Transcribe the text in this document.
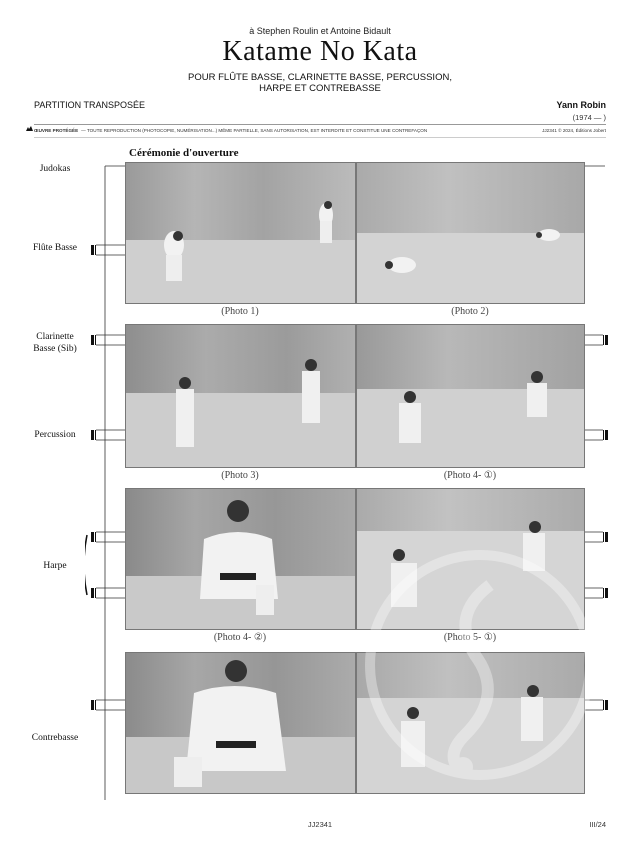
à Stephen Roulin et Antoine Bidault
Katame No Kata
POUR FLÛTE BASSE, CLARINETTE BASSE, PERCUSSION,
HARPE ET CONTREBASSE
PARTITION TRANSPOSÉE	Yann Robin
(1974 — )
ŒUVRE PROTÉGÉE — TOUTE REPRODUCTION (PHOTOCOPIE, NUMÉRISATION...) MÊME PARTIELLE, SANS AUTORISATION, EST INTERDITE ET CONSTITUE UNE CONTREFAÇON	JJ2341 © 2024, Éditions Jobert
Cérémonie d'ouverture
Judokas
Flûte Basse
Clarinette
Basse (Sib)
Percussion
Harpe
Contrebasse
(Photo 1)	(Photo 2)
(Photo 3)	(Photo 4- ①)
(Photo 4- ②)	(Photo 5- ①)
JJ2341	III/24
